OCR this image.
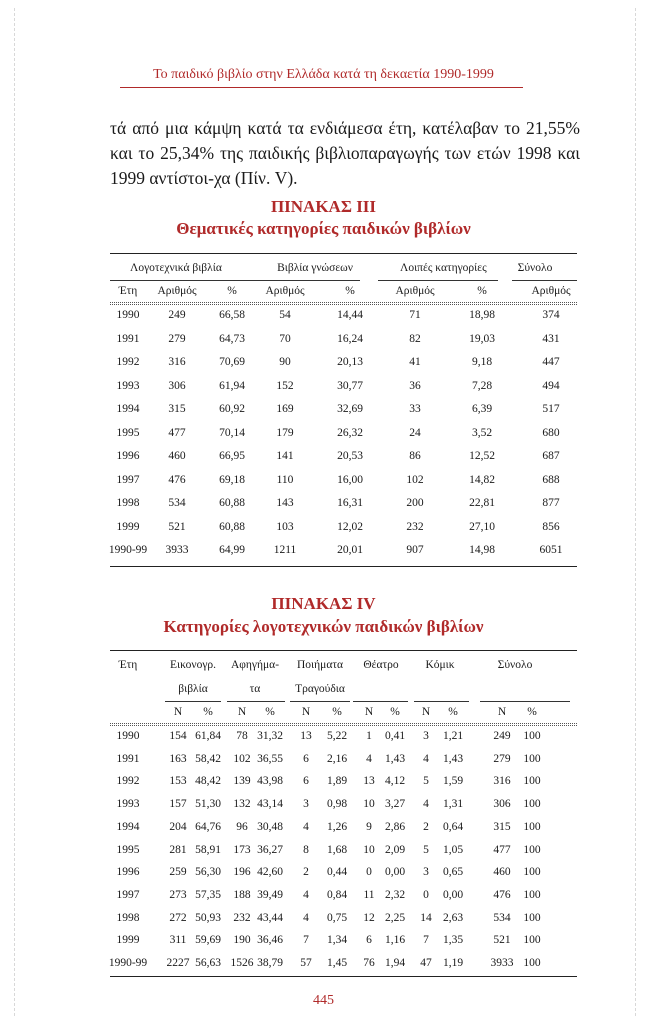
Το παιδικό βιβλίο στην Ελλάδα κατά τη δεκαετία 1990-1999
τά από μια κάμψη κατά τα ενδιάμεσα έτη, κατέλαβαν το 21,55% και το 25,34% της παιδικής βιβλιοπαραγωγής των ετών 1998 και 1999 αντίστοι-χα (Πίν. V).
ΠΙΝΑΚΑΣ ΙΙΙ
Θεματικές κατηγορίες παιδικών βιβλίων
Λογοτεχνικά βιβλία	Βιβλία γνώσεων	Λοιπές κατηγορίες	Σύνολο
Έτη	Αριθμός	%	Αριθμός	%	Αριθμός	%	Αριθμός
1990	249	66,58	54	14,44	71	18,98	374
1991	279	64,73	70	16,24	82	19,03	431
1992	316	70,69	90	20,13	41	9,18	447
1993	306	61,94	152	30,77	36	7,28	494
1994	315	60,92	169	32,69	33	6,39	517
1995	477	70,14	179	26,32	24	3,52	680
1996	460	66,95	141	20,53	86	12,52	687
1997	476	69,18	110	16,00	102	14,82	688
1998	534	60,88	143	16,31	200	22,81	877
1999	521	60,88	103	12,02	232	27,10	856
1990-99	3933	64,99	1211	20,01	907	14,98	6051
ΠΙΝΑΚΑΣ IV
Κατηγορίες λογοτεχνικών παιδικών βιβλίων
Έτη	Εικονογρ.
βιβλία
Αφηγήμα-
τα
Ποιήματα
Τραγούδια
Θέατρο	Κόμικ	Σύνολο
Ν	%	Ν	%	Ν	%	Ν	%	Ν	%	Ν	%
1990	154 61,84	78 31,32	13	5,22	1	0,41	3	1,21	249	100
1991	163 58,42	102 36,55	6	2,16	4	1,43	4	1,43	279	100
1992	153 48,42	139 43,98	6	1,89	13 4,12	5	1,59	316	100
1993	157 51,30	132 43,14	3	0,98	10 3,27	4	1,31	306	100
1994	204 64,76	96 30,48	4	1,26	9	2,86	2	0,64	315	100
1995	281 58,91	173 36,27	8	1,68	10 2,09	5	1,05	477	100
1996	259 56,30	196 42,60	2	0,44	0	0,00	3	0,65	460	100
1997	273 57,35	188 39,49	4	0,84	11 2,32	0	0,00	476	100
1998	272 50,93	232 43,44	4	0,75	12 2,25	14 2,63	534	100
1999	311 59,69	190 36,46	7	1,34	6	1,16	7	1,35	521	100
1990-99	2227 56,63 1526 38,79	57	1,45	76 1,94	47 1,19	3933 100
445
